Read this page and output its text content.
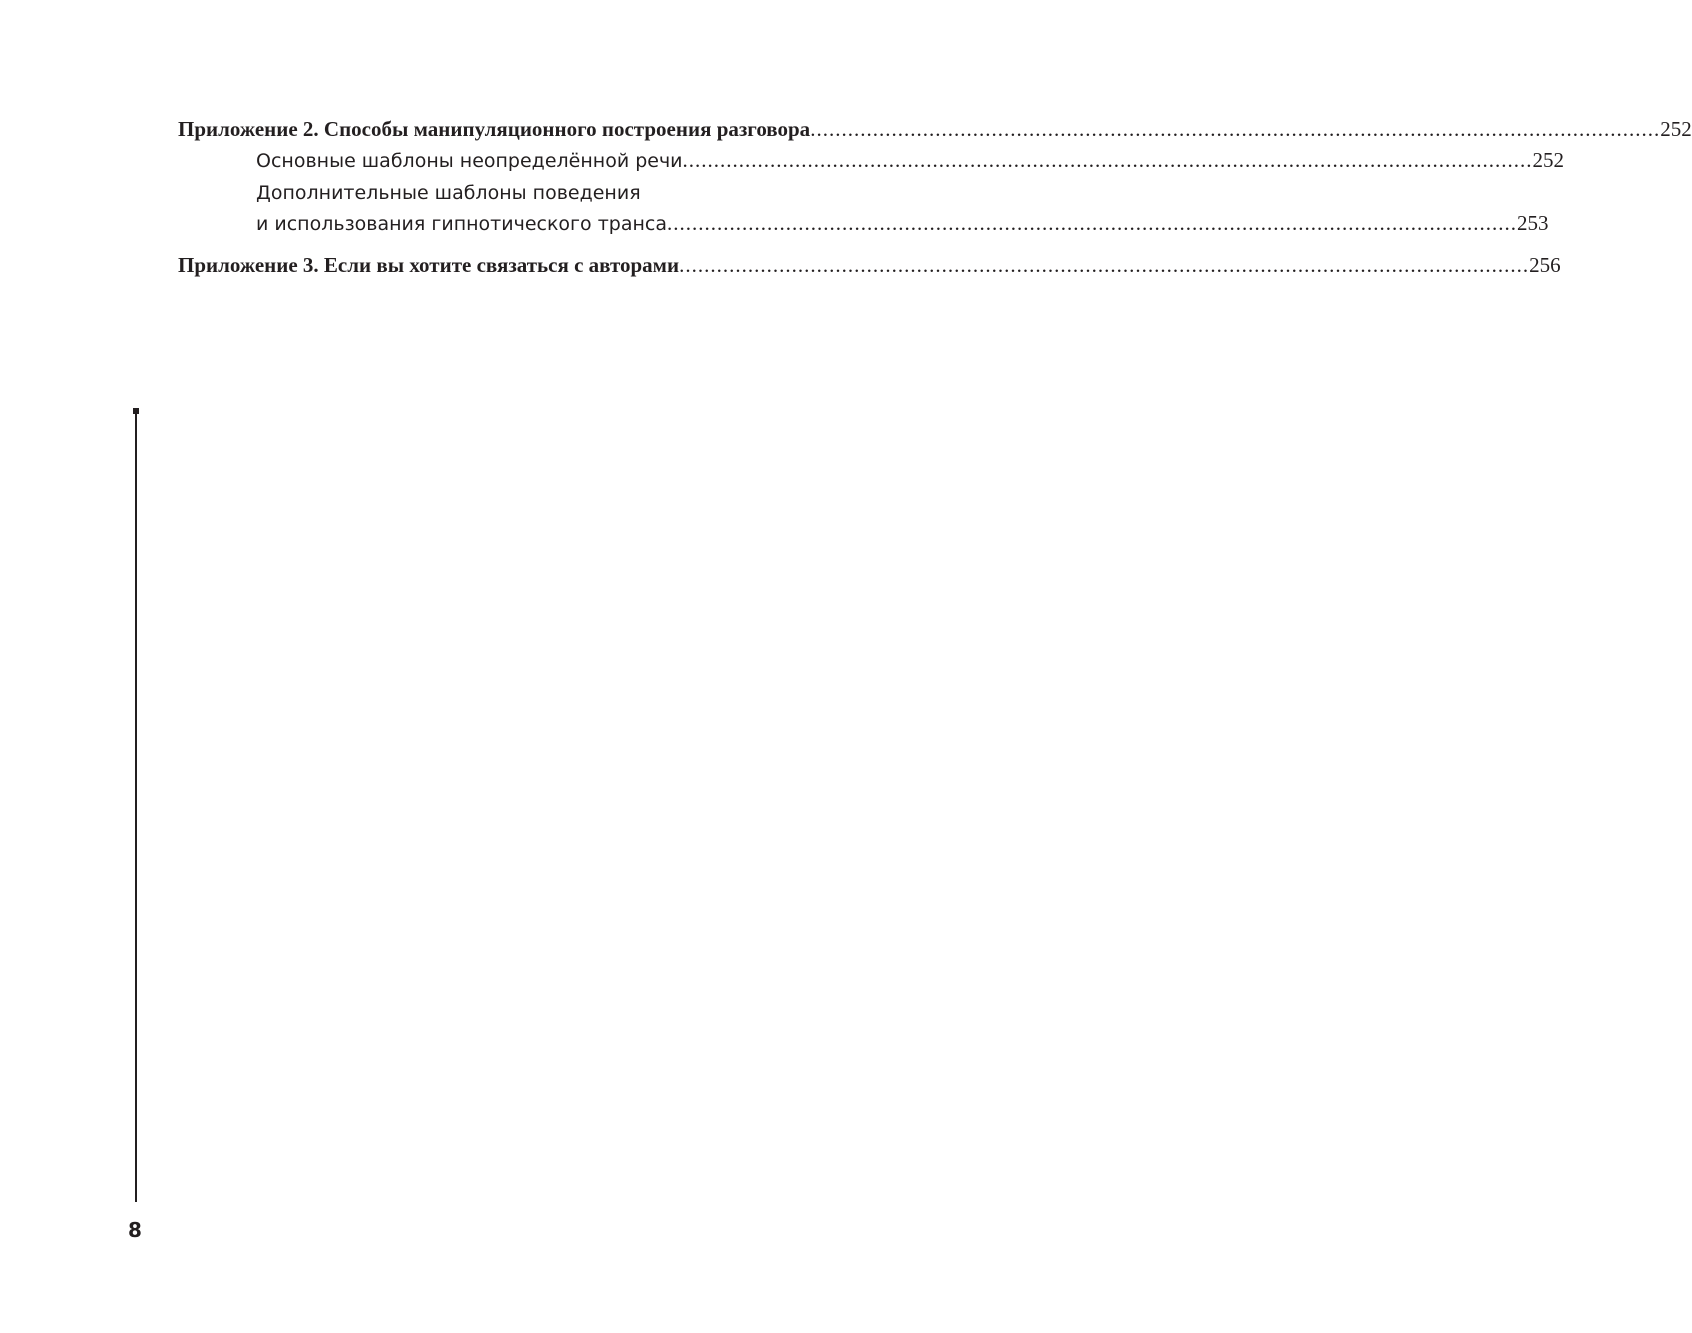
Приложение 2. Способы манипуляционного построения разговора ........................................................................................................................................ 252
Основные шаблоны неопределённой речи ........................................................................................................................................ 252
Дополнительные шаблоны поведения
и использования гипнотического транса ........................................................................................................................................ 253
Приложение 3. Если вы хотите связаться с авторами ........................................................................................................................................ 256
8
